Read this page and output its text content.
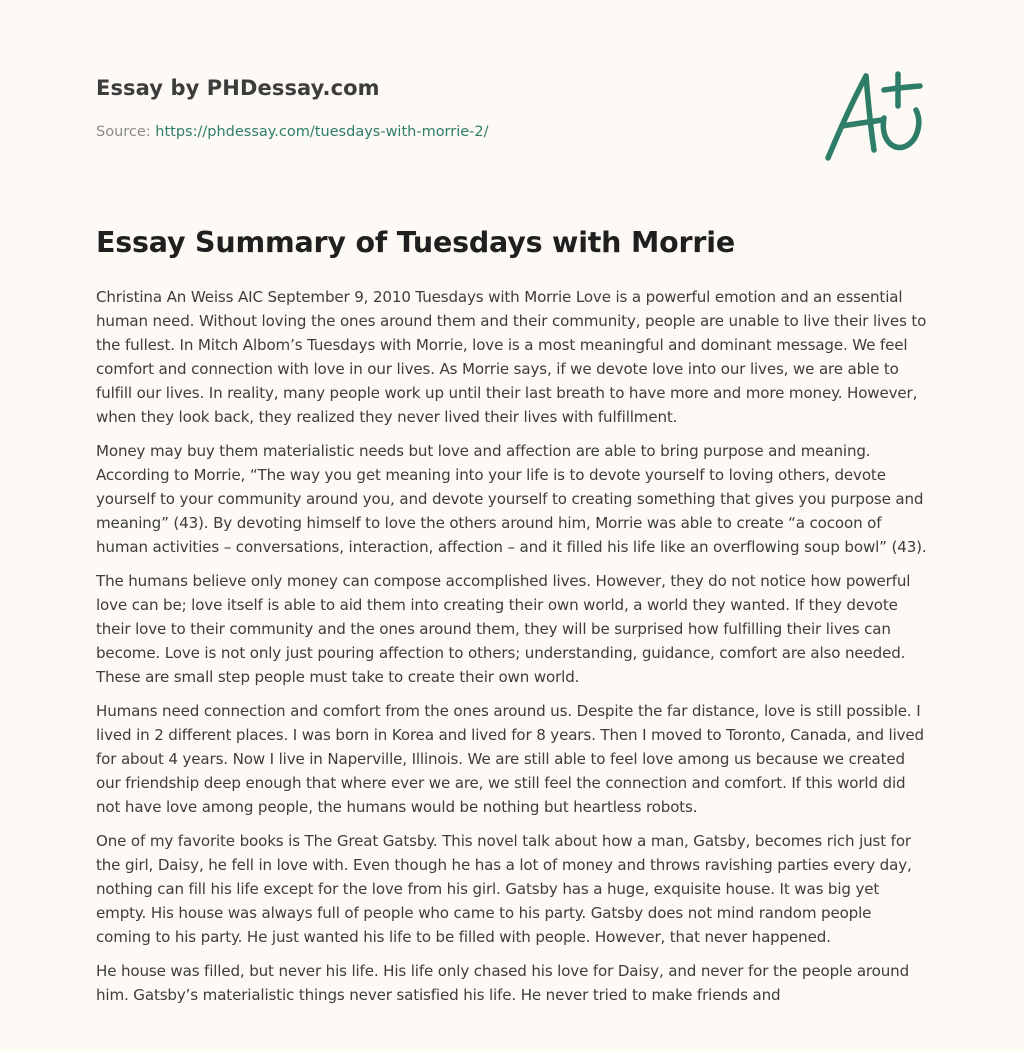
Essay by PHDessay.com
Source: https://phdessay.com/tuesdays-with-morrie-2/
Essay Summary of Tuesdays with Morrie

Christina An Weiss AIC September 9, 2010 Tuesdays with Morrie Love is a powerful emotion and an essential human need. Without loving the ones around them and their community, people are unable to live their lives to the fullest. In Mitch Albom’s Tuesdays with Morrie, love is a most meaningful and dominant message. We feel comfort and connection with love in our lives. As Morrie says, if we devote love into our lives, we are able to fulfill our lives. In reality, many people work up until their last breath to have more and more money. However, when they look back, they realized they never lived their lives with fulfillment.

Money may buy them materialistic needs but love and affection are able to bring purpose and meaning. According to Morrie, “The way you get meaning into your life is to devote yourself to loving others, devote yourself to your community around you, and devote yourself to creating something that gives you purpose and meaning” (43). By devoting himself to love the others around him, Morrie was able to create “a cocoon of human activities – conversations, interaction, affection – and it filled his life like an overflowing soup bowl” (43).

The humans believe only money can compose accomplished lives. However, they do not notice how powerful love can be; love itself is able to aid them into creating their own world, a world they wanted. If they devote their love to their community and the ones around them, they will be surprised how fulfilling their lives can become. Love is not only just pouring affection to others; understanding, guidance, comfort are also needed. These are small step people must take to create their own world.

Humans need connection and comfort from the ones around us. Despite the far distance, love is still possible. I lived in 2 different places. I was born in Korea and lived for 8 years. Then I moved to Toronto, Canada, and lived for about 4 years. Now I live in Naperville, Illinois. We are still able to feel love among us because we created our friendship deep enough that where ever we are, we still feel the connection and comfort. If this world did not have love among people, the humans would be nothing but heartless robots.

One of my favorite books is The Great Gatsby. This novel talk about how a man, Gatsby, becomes rich just for the girl, Daisy, he fell in love with. Even though he has a lot of money and throws ravishing parties every day, nothing can fill his life except for the love from his girl. Gatsby has a huge, exquisite house. It was big yet empty. His house was always full of people who came to his party. Gatsby does not mind random people coming to his party. He just wanted his life to be filled with people. However, that never happened.

He house was filled, but never his life. His life only chased his love for Daisy, and never for the people around him. Gatsby’s materialistic things never satisfied his life. He never tried to make friends and
